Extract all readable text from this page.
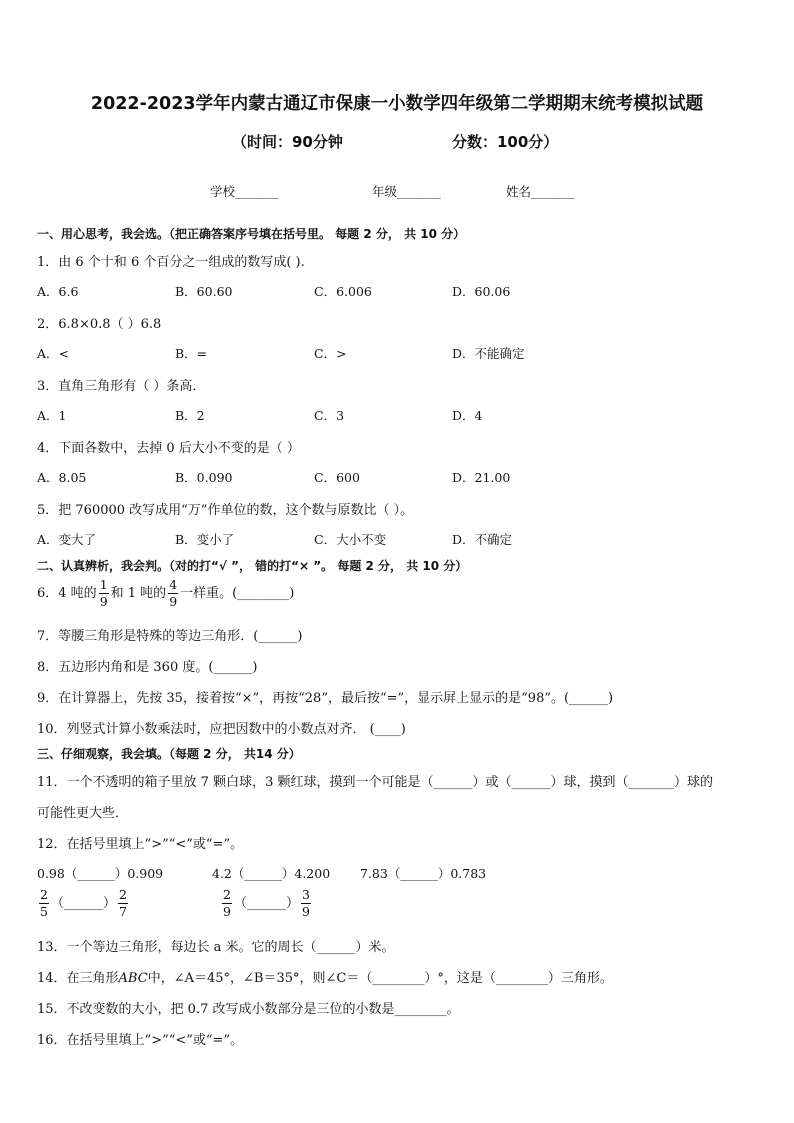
2022-2023学年内蒙古通辽市保康一小数学四年级第二学期期末统考模拟试题
（时间：90分钟	分数：100分）
学校_______	年级_______	姓名_______
一、用心思考，我会选。（把正确答案序号填在括号里。 每题 2 分， 共 10 分）
1．由 6 个十和 6 个百分之一组成的数写成( ).
A．6.6	B．60.60	C．6.006	D．60.06
2．6.8×0.8（ ）6.8
A．<	B．=	C．>	D．不能确定
3．直角三角形有（ ）条高．
A．1	B．2	C．3	D．4
4．下面各数中，去掉 0 后大小不变的是（ ）
A．8.05	B．0.090	C．600	D．21.00
5．把 760000 改写成用“万”作单位的数，这个数与原数比（ ）。
A．变大了	B．变小了	C．大小不变	D．不确定
二、认真辨析，我会判。（对的打“√ ”， 错的打“× ”。 每题 2 分， 共 10 分）
6．4 吨的 $\frac{1}{9}$ 和 1 吨的 $\frac{4}{9}$ 一样重。(________)
7．等腰三角形是特殊的等边三角形．(______)
8．五边形内角和是 360 度。(______)
9．在计算器上，先按 35，接着按“×”，再按“28”，最后按“=”，显示屏上显示的是“98”。(______)
10．列竖式计算小数乘法时，应把因数中的小数点对齐． (____)
三、仔细观察，我会填。（每题 2 分， 共14 分）
11．一个不透明的箱子里放 7 颗白球，3 颗红球，摸到一个可能是（______）或（______）球，摸到（_______）球的
可能性更大些．
12．在括号里填上“>”“<”或“=”。
0.98（______）0.909	4.2（______）4.200 7.83（______）0.783
$\frac{2}{5}$ （______） $\frac{2}{7}$	$\frac{2}{9}$ （______） $\frac{3}{9}$
13．一个等边三角形，每边长 a 米。它的周长（______）米。
14．在三角形ABC中，∠A＝45°，∠B＝35°，则∠C＝（________）°，这是（________）三角形。
15．不改变数的大小，把 0.7 改写成小数部分是三位的小数是________。
16．在括号里填上“>”“<”或“=”。
